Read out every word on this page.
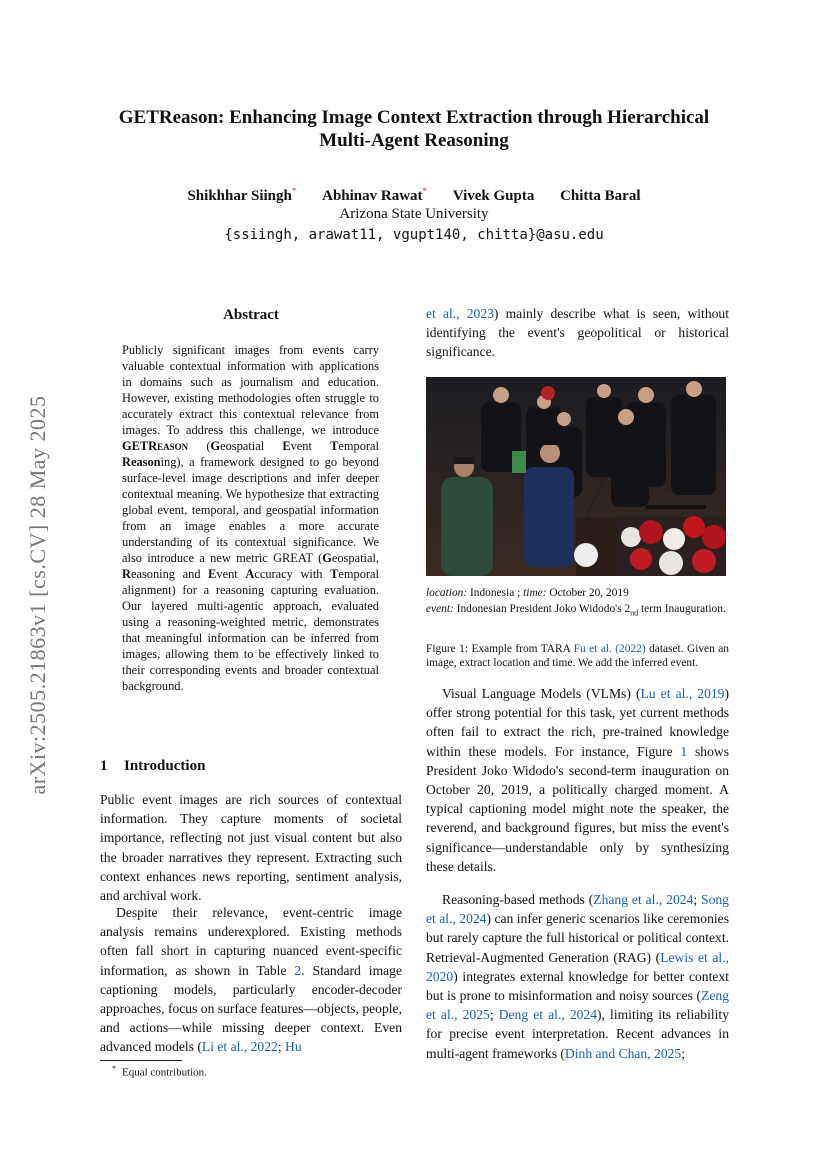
GETReason: Enhancing Image Context Extraction through Hierarchical
Multi-Agent Reasoning
Shikhhar Siingh* Abhinav Rawat* Vivek Gupta Chitta Baral
Arizona State University
{ssiingh, arawat11, vgupt140, chitta}@asu.edu
arXiv:2505.21863v1 [cs.CV] 28 May 2025
Abstract
Publicly significant images from events carry valuable contextual information with applications in domains such as journalism and education. However, existing methodologies often struggle to accurately extract this contextual relevance from images. To address this challenge, we introduce GETReason (Geospatial Event Temporal Reasoning), a framework designed to go beyond surface-level image descriptions and infer deeper contextual meaning. We hypothesize that extracting global event, temporal, and geospatial information from an image enables a more accurate understanding of its contextual significance. We also introduce a new metric GREAT (Geospatial, Reasoning and Event Accuracy with Temporal alignment) for a reasoning capturing evaluation. Our layered multi-agentic approach, evaluated using a reasoning-weighted metric, demonstrates that meaningful information can be inferred from images, allowing them to be effectively linked to their corresponding events and broader contextual background.
1 Introduction

Public event images are rich sources of contextual information. They capture moments of societal importance, reflecting not just visual content but also the broader narratives they represent. Extracting such context enhances news reporting, sentiment analysis, and archival work.

Despite their relevance, event-centric image analysis remains underexplored. Existing methods often fall short in capturing nuanced event-specific information, as shown in Table 2. Standard image captioning models, particularly encoder-decoder approaches, focus on surface features—objects, people, and actions—while missing deeper context. Even advanced models (Li et al., 2022; Hu

* Equal contribution.

et al., 2023) mainly describe what is seen, without identifying the event's geopolitical or historical significance.

location: Indonesia ; time: October 20, 2019
event: Indonesian President Joko Widodo's $2_{nd}$ term Inauguration.
Figure 1: Example from TARA Fu et al. (2022) dataset. Given an image, extract location and time. We add the inferred event.

Visual Language Models (VLMs) (Lu et al., 2019) offer strong potential for this task, yet current methods often fail to extract the rich, pre-trained knowledge within these models. For instance, Figure 1 shows President Joko Widodo's second-term inauguration on October 20, 2019, a politically charged moment. A typical captioning model might note the speaker, the reverend, and background figures, but miss the event's significance—understandable only by synthesizing these details.

Reasoning-based methods (Zhang et al., 2024; Song et al., 2024) can infer generic scenarios like ceremonies but rarely capture the full historical or political context. Retrieval-Augmented Generation (RAG) (Lewis et al., 2020) integrates external knowledge for better context but is prone to misinformation and noisy sources (Zeng et al., 2025; Deng et al., 2024), limiting its reliability for precise event interpretation. Recent advances in multi-agent frameworks (Dinh and Chan, 2025;
